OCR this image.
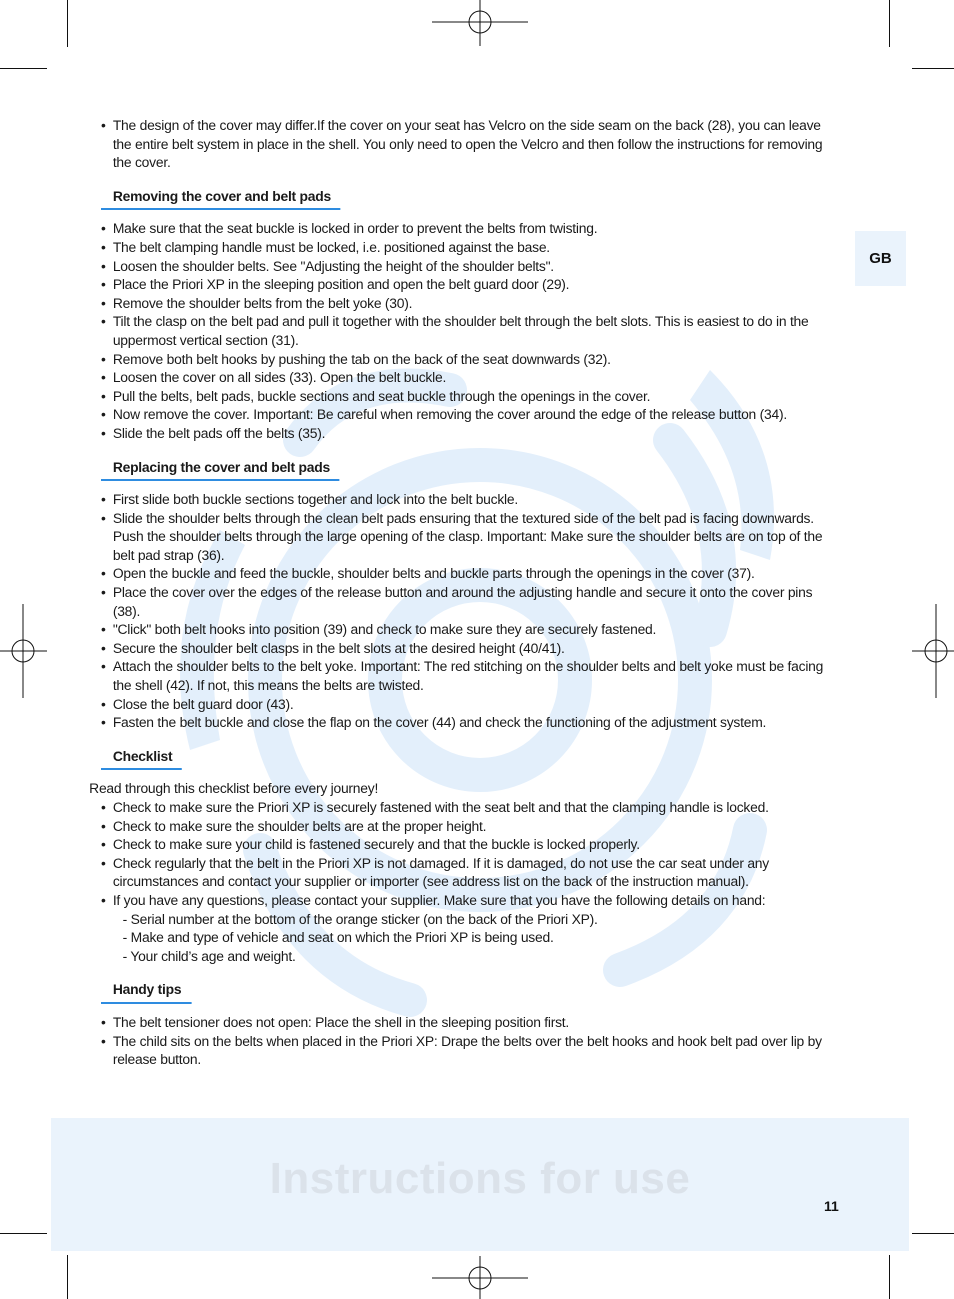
GB
• The design of the cover may differ.If the cover on your seat has Velcro on the side seam on the back (28), you can leave the entire belt system in place in the shell. You only need to open the Velcro and then follow the instructions for removing the cover.
Removing the cover and belt pads
• Make sure that the seat buckle is locked in order to prevent the belts from twisting.
• The belt clamping handle must be locked, i.e. positioned against the base.
• Loosen the shoulder belts. See "Adjusting the height of the shoulder belts".
• Place the Priori XP in the sleeping position and open the belt guard door (29).
• Remove the shoulder belts from the belt yoke (30).
• Tilt the clasp on the belt pad and pull it together with the shoulder belt through the belt slots. This is easiest to do in the uppermost vertical section (31).
• Remove both belt hooks by pushing the tab on the back of the seat downwards (32).
• Loosen the cover on all sides (33). Open the belt buckle.
• Pull the belts, belt pads, buckle sections and seat buckle through the openings in the cover.
• Now remove the cover. Important: Be careful when removing the cover around the edge of the release button (34).
• Slide the belt pads off the belts (35).
Replacing the cover and belt pads
• First slide both buckle sections together and lock into the belt buckle.
• Slide the shoulder belts through the clean belt pads ensuring that the textured side of the belt pad is facing downwards. Push the shoulder belts through the large opening of the clasp. Important: Make sure the shoulder belts are on top of the belt pad strap (36).
• Open the buckle and feed the buckle, shoulder belts and buckle parts through the openings in the cover (37).
• Place the cover over the edges of the release button and around the adjusting handle and secure it onto the cover pins (38).
• "Click" both belt hooks into position (39) and check to make sure they are securely fastened.
• Secure the shoulder belt clasps in the belt slots at the desired height (40/41).
• Attach the shoulder belts to the belt yoke. Important: The red stitching on the shoulder belts and belt yoke must be facing the shell (42). If not, this means the belts are twisted.
• Close the belt guard door (43).
• Fasten the belt buckle and close the flap on the cover (44) and check the functioning of the adjustment system.
Checklist
Read through this checklist before every journey!
• Check to make sure the Priori XP is securely fastened with the seat belt and that the clamping handle is locked.
• Check to make sure the shoulder belts are at the proper height.
• Check to make sure your child is fastened securely and that the buckle is locked properly.
• Check regularly that the belt in the Priori XP is not damaged. If it is damaged, do not use the car seat under any circumstances and contact your supplier or importer (see address list on the back of the instruction manual).
• If you have any questions, please contact your supplier. Make sure that you have the following details on hand:
- Serial number at the bottom of the orange sticker (on the back of the Priori XP).
- Make and type of vehicle and seat on which the Priori XP is being used.
- Your child’s age and weight.
Handy tips
• The belt tensioner does not open: Place the shell in the sleeping position first.
• The child sits on the belts when placed in the Priori XP: Drape the belts over the belt hooks and hook belt pad over lip by release button.
Instructions for use
11
